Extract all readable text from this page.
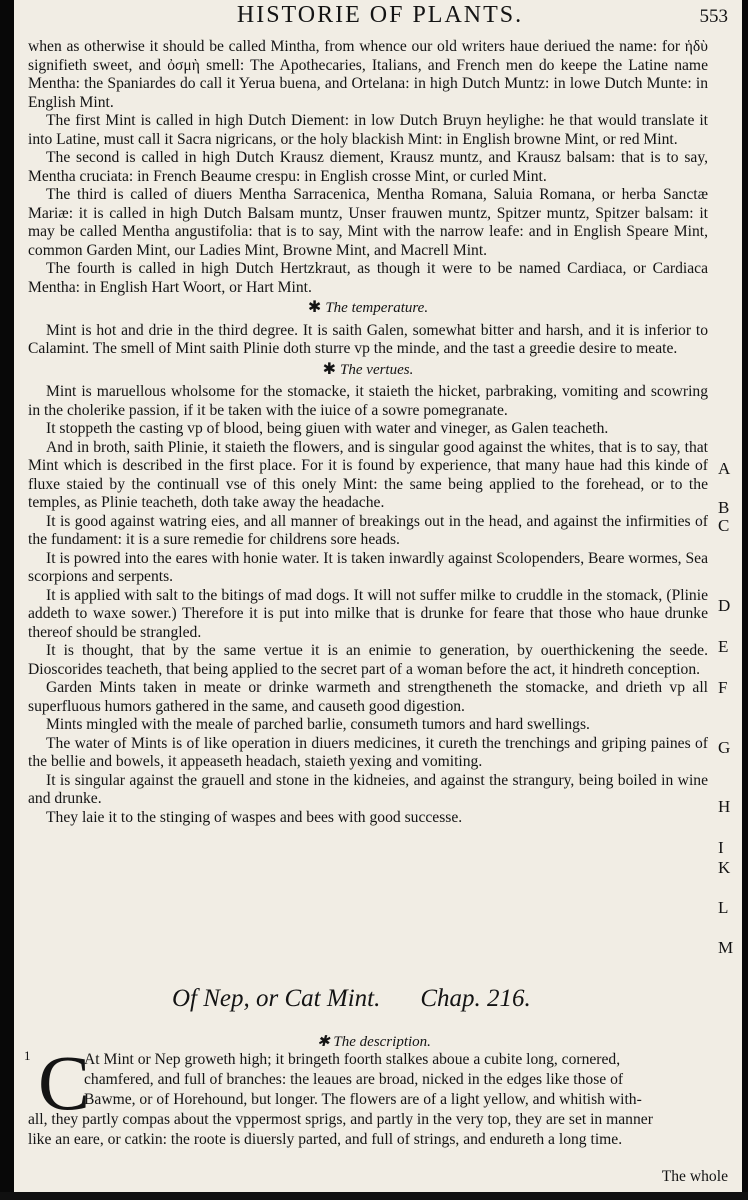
HISTORIE OF PLANTS.	553

when as otherwise it should be called Mintha, from whence our old writers haue deriued the name: for ἡδὺ signifieth sweet, and ὀσμὴ smell: The Apothecaries, Italians, and French men do keepe the Latine name Mentha: the Spaniardes do call it Yerua buena, and Ortelana: in high Dutch Muntz: in lowe Dutch Munte: in English Mint.

The first Mint is called in high Dutch Diement: in low Dutch Bruyn heylighe: he that would translate it into Latine, must call it Sacra nigricans, or the holy blackish Mint: in English browne Mint, or red Mint.

The second is called in high Dutch Krausz diement, Krausz muntz, and Krausz balsam: that is to say, Mentha cruciata: in French Beaume crespu: in English crosse Mint, or curled Mint.

The third is called of diuers Mentha Sarracenica, Mentha Romana, Saluia Romana, or herba Sanctæ Mariæ: it is called in high Dutch Balsam muntz, Unser frauwen muntz, Spitzer muntz, Spitzer balsam: it may be called Mentha angustifolia: that is to say, Mint with the narrow leafe: and in English Speare Mint, common Garden Mint, our Ladies Mint, Browne Mint, and Macrell Mint.

The fourth is called in high Dutch Hertzkraut, as though it were to be named Cardiaca, or Cardiaca Mentha: in English Hart Woort, or Hart Mint.

✱ The temperature.

Mint is hot and drie in the third degree. It is saith Galen, somewhat bitter and harsh, and it is inferior to Calamint. The smell of Mint saith Plinie doth sturre vp the minde, and the tast a greedie desire to meate.

✱ The vertues.

Mint is maruellous wholsome for the stomacke, it staieth the hicket, parbraking, vomiting and scowring in the cholerike passion, if it be taken with the iuice of a sowre pomegranate.

It stoppeth the casting vp of blood, being giuen with water and vineger, as Galen teacheth.

And in broth, saith Plinie, it staieth the flowers, and is singular good against the whites, that is to say, that Mint which is described in the first place. For it is found by experience, that many haue had this kinde of fluxe staied by the continuall vse of this onely Mint: the same being applied to the forehead, or to the temples, as Plinie teacheth, doth take away the headache.

It is good against watring eies, and all manner of breakings out in the head, and against the infirmities of the fundament: it is a sure remedie for childrens sore heads.

It is powred into the eares with honie water. It is taken inwardly against Scolopenders, Beare wormes, Sea scorpions and serpents.

It is applied with salt to the bitings of mad dogs. It will not suffer milke to cruddle in the stomack, (Plinie addeth to waxe sower.) Therefore it is put into milke that is drunke for feare that those who haue drunke thereof should be strangled.

It is thought, that by the same vertue it is an enimie to generation, by ouerthickening the seede. Dioscorides teacheth, that being applied to the secret part of a woman before the act, it hindreth conception.

Garden Mints taken in meate or drinke warmeth and strengtheneth the stomacke, and drieth vp all superfluous humors gathered in the same, and causeth good digestion.

Mints mingled with the meale of parched barlie, consumeth tumors and hard swellings.

The water of Mints is of like operation in diuers medicines, it cureth the trenchings and griping paines of the bellie and bowels, it appeaseth headach, staieth yexing and vomiting.

It is singular against the grauell and stone in the kidneies, and against the strangury, being boiled in wine and drunke.

They laie it to the stinging of waspes and bees with good successe.

A
B
C
D
E
F
G
H
I
K
L
M
Of Nep, or Cat Mint. Chap. 216.
✱ The description.
1 C
At Mint or Nep groweth high; it bringeth foorth stalkes aboue a cubite long, cornered,
chamfered, and full of branches: the leaues are broad, nicked in the edges like those of
Bawme, or of Horehound, but longer. The flowers are of a light yellow, and whitish with-
all, they partly compas about the vppermost sprigs, and partly in the very top, they are set in manner
like an eare, or catkin: the roote is diuersly parted, and full of strings, and endureth a long time.
The whole
